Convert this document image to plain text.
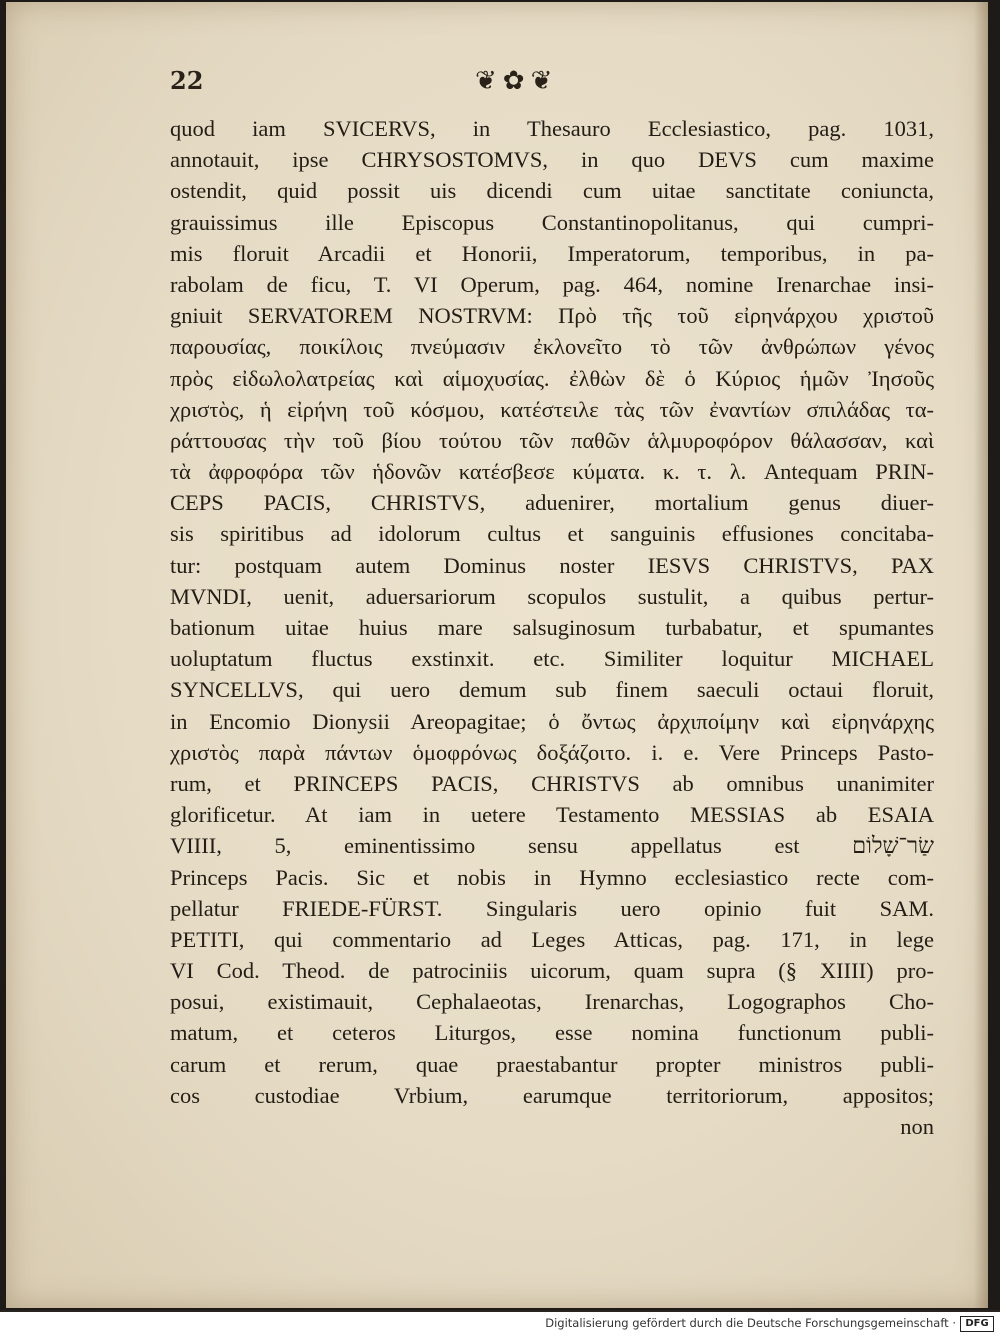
22	❦✿❦
quod iam SVICERVS, in Thesauro Ecclesiastico, pag. 1031,
annotauit, ipse CHRYSOSTOMVS, in quo DEVS cum maxime
ostendit, quid possit uis dicendi cum uitae sanctitate coniuncta,
grauissimus ille Episcopus Constantinopolitanus, qui cumpri-
mis floruit Arcadii et Honorii, Imperatorum, temporibus, in pa-
rabolam de ficu, T. VI Operum, pag. 464, nomine Irenarchae insi-
gniuit SERVATOREM NOSTRVM: Πρὸ τῆς τοῦ εἰρηνάρχου χριστοῦ
παρουσίας, ποικίλοις πνεύμασιν ἐκλονεῖτο τὸ τῶν ἀνθρώπων γένος
πρὸς εἰδωλολατρείας καὶ αἱμοχυσίας. ἐλθὼν δὲ ὁ Κύριος ἡμῶν Ἰησοῦς
χριστὸς, ἡ εἰρήνη τοῦ κόσμου, κατέστειλε τὰς τῶν ἐναντίων σπιλάδας τα-
ράττουσας τὴν τοῦ βίου τούτου τῶν παθῶν ἁλμυροφόρον θάλασσαν, καὶ
τὰ ἀφροφόρα τῶν ἡδονῶν κατέσβεσε κύματα. κ. τ. λ. Antequam PRIN-
CEPS PACIS, CHRISTVS, aduenirer, mortalium genus diuer-
sis spiritibus ad idolorum cultus et sanguinis effusiones concitaba-
tur: postquam autem Dominus noster IESVS CHRISTVS, PAX
MVNDI, uenit, aduersariorum scopulos sustulit, a quibus pertur-
bationum uitae huius mare salsuginosum turbabatur, et spumantes
uoluptatum fluctus exstinxit. etc. Similiter loquitur MICHAEL
SYNCELLVS, qui uero demum sub finem saeculi octaui floruit,
in Encomio Dionysii Areopagitae; ὁ ὄντως ἀρχιποίμην καὶ εἰρηνάρχης
χριστὸς παρὰ πάντων ὁμοφρόνως δοξάζοιτο. i. e. Vere Princeps Pasto-
rum, et PRINCEPS PACIS, CHRISTVS ab omnibus unanimiter
glorificetur. At iam in uetere Testamento MESSIAS ab ESAIA
VIIII, 5, eminentissimo sensu appellatus est שַׂר־שָׁלוֹם
Princeps Pacis. Sic et nobis in Hymno ecclesiastico recte com-
pellatur FRIEDE-FÜRST. Singularis uero opinio fuit SAM.
PETITI, qui commentario ad Leges Atticas, pag. 171, in lege
VI Cod. Theod. de patrociniis uicorum, quam supra (§ XIIII) pro-
posui, existimauit, Cephalaeotas, Irenarchas, Logographos Cho-
matum, et ceteros Liturgos, esse nomina functionum publi-
carum et rerum, quae praestabantur propter ministros publi-
cos custodiae Vrbium, earumque territoriorum, appositos;
non
Digitalisierung gefördert durch die Deutsche Forschungsgemeinschaft · DFG
